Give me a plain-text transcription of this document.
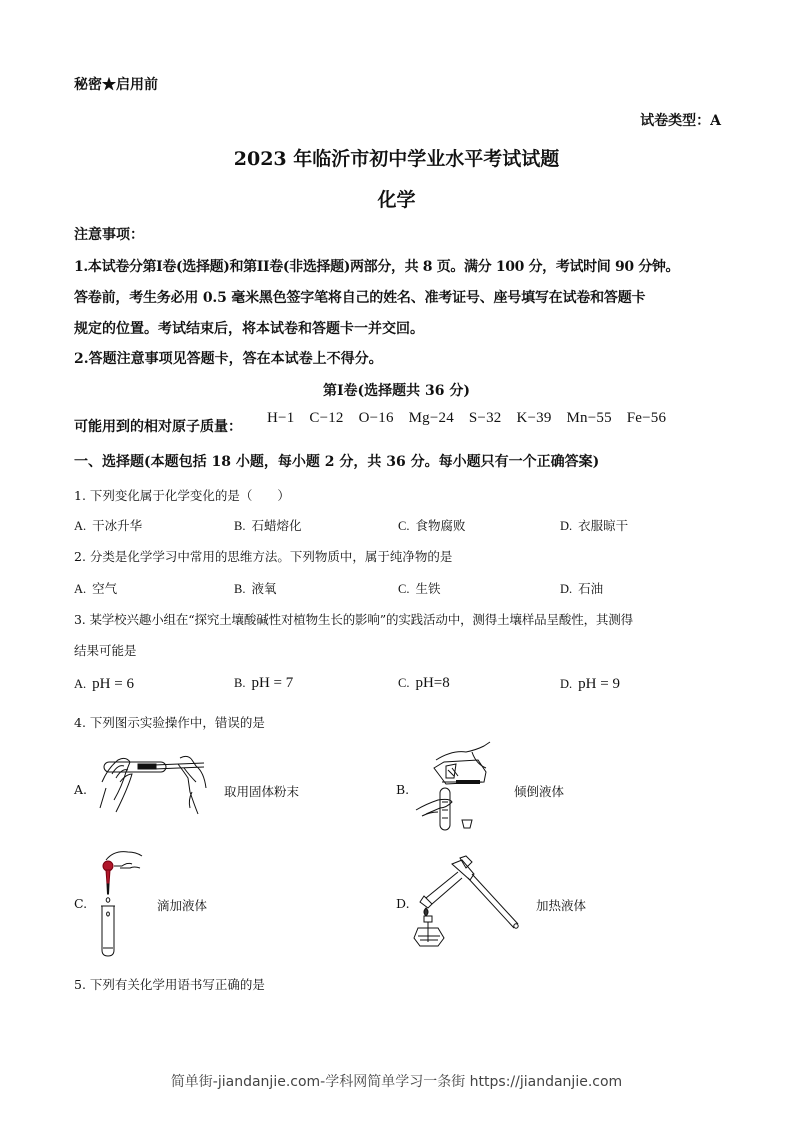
秘密★启用前
试卷类型：A
2023 年临沂市初中学业水平考试试题
化学
注意事项：
1.本试卷分第I卷(选择题)和第II卷(非选择题)两部分，共 8 页。满分 100 分，考试时间 90 分钟。
答卷前，考生务必用 0.5 毫米黑色签字笔将自己的姓名、准考证号、座号填写在试卷和答题卡
规定的位置。考试结束后，将本试卷和答题卡一并交回。
2.答题注意事项见答题卡，答在本试卷上不得分。
第I卷(选择题共 36 分)
可能用到的相对原子质量：
H−1 C−12 O−16 Mg−24 S−32 K−39 Mn−55 Fe−56
一、选择题(本题包括 18 小题，每小题 2 分，共 36 分。每小题只有一个正确答案)
1. 下列变化属于化学变化的是（　　）
A. 干冰升华	B. 石蜡熔化	C. 食物腐败	D. 衣服晾干
2. 分类是化学学习中常用的思维方法。下列物质中，属于纯净物的是
A. 空气	B. 液氧	C. 生铁	D. 石油
3. 某学校兴趣小组在“探究土壤酸碱性对植物生长的影响”的实践活动中，测得土壤样品呈酸性，其测得
结果可能是
A. pH = 6	B. pH = 7	C. pH=8	D. pH = 9
4. 下列图示实验操作中，错误的是
A.	取用固体粉末	B.	倾倒液体
C.	滴加液体	D.	加热液体
5. 下列有关化学用语书写正确的是
简单街-jiandanjie.com-学科网简单学习一条街 https://jiandanjie.com
